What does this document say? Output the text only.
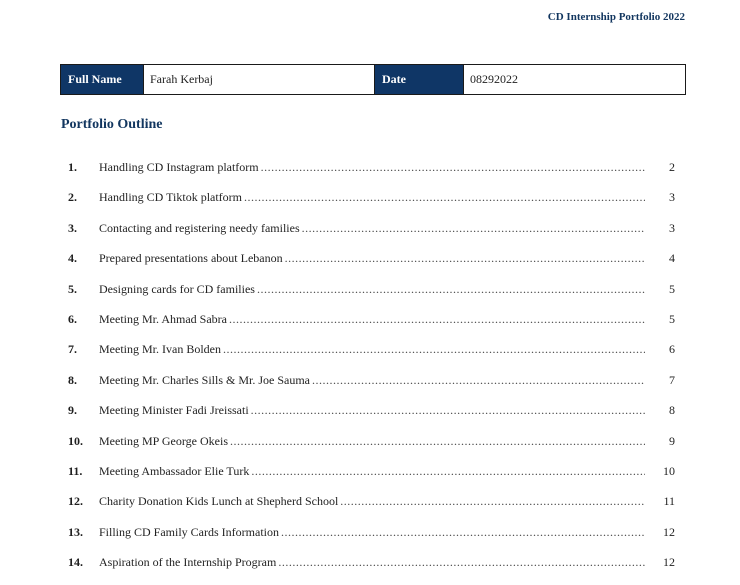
CD Internship Portfolio 2022
Full Name	Farah Kerbaj	Date	08292022
Portfolio Outline
1.	Handling CD Instagram platform .....	2
2.	Handling CD Tiktok platform .....	3
3.	Contacting and registering needy families .....	3
4.	Prepared presentations about Lebanon .....	4
5.	Designing cards for CD families .....	5
6.	Meeting Mr. Ahmad Sabra .....	5
7.	Meeting Mr. Ivan Bolden .....	6
8.	Meeting Mr. Charles Sills & Mr. Joe Sauma .....	7
9.	Meeting Minister Fadi Jreissati .....	8
10.	Meeting MP George Okeis .....	9
11.	Meeting Ambassador Elie Turk .....	10
12.	Charity Donation Kids Lunch at Shepherd School .....	11
13.	Filling CD Family Cards Information .....	12
14.	Aspiration of the Internship Program .....	12
